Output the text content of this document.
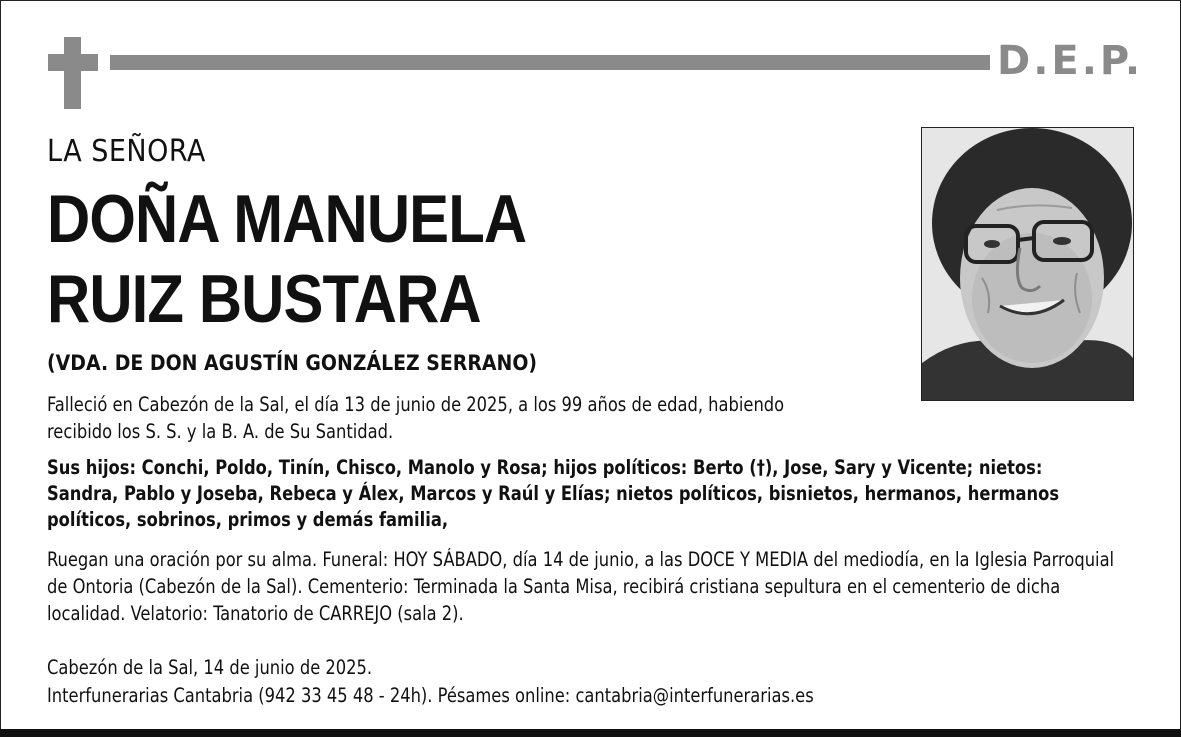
D.E.P.
LA SEÑORA
DOÑA MANUELA
RUIZ BUSTARA
(VDA. DE DON AGUSTÍN GONZÁLEZ SERRANO)
Falleció en Cabezón de la Sal, el día 13 de junio de 2025, a los 99 años de edad, habiendo recibido los S. S. y la B. A. de Su Santidad.
Sus hijos: Conchi, Poldo, Tinín, Chisco, Manolo y Rosa; hijos políticos: Berto (†), Jose, Sary y Vicente; nietos: Sandra, Pablo y Joseba, Rebeca y Álex, Marcos y Raúl y Elías; nietos políticos, bisnietos, hermanos, hermanos políticos, sobrinos, primos y demás familia,
Ruegan una oración por su alma. Funeral: HOY SÁBADO, día 14 de junio, a las DOCE Y MEDIA del mediodía, en la Iglesia Parroquial de Ontoria (Cabezón de la Sal). Cementerio: Terminada la Santa Misa, recibirá cristiana sepultura en el cementerio de dicha localidad. Velatorio: Tanatorio de CARREJO (sala 2).
Cabezón de la Sal, 14 de junio de 2025.
Interfunerarias Cantabria (942 33 45 48 - 24h). Pésames online: cantabria@interfunerarias.es
